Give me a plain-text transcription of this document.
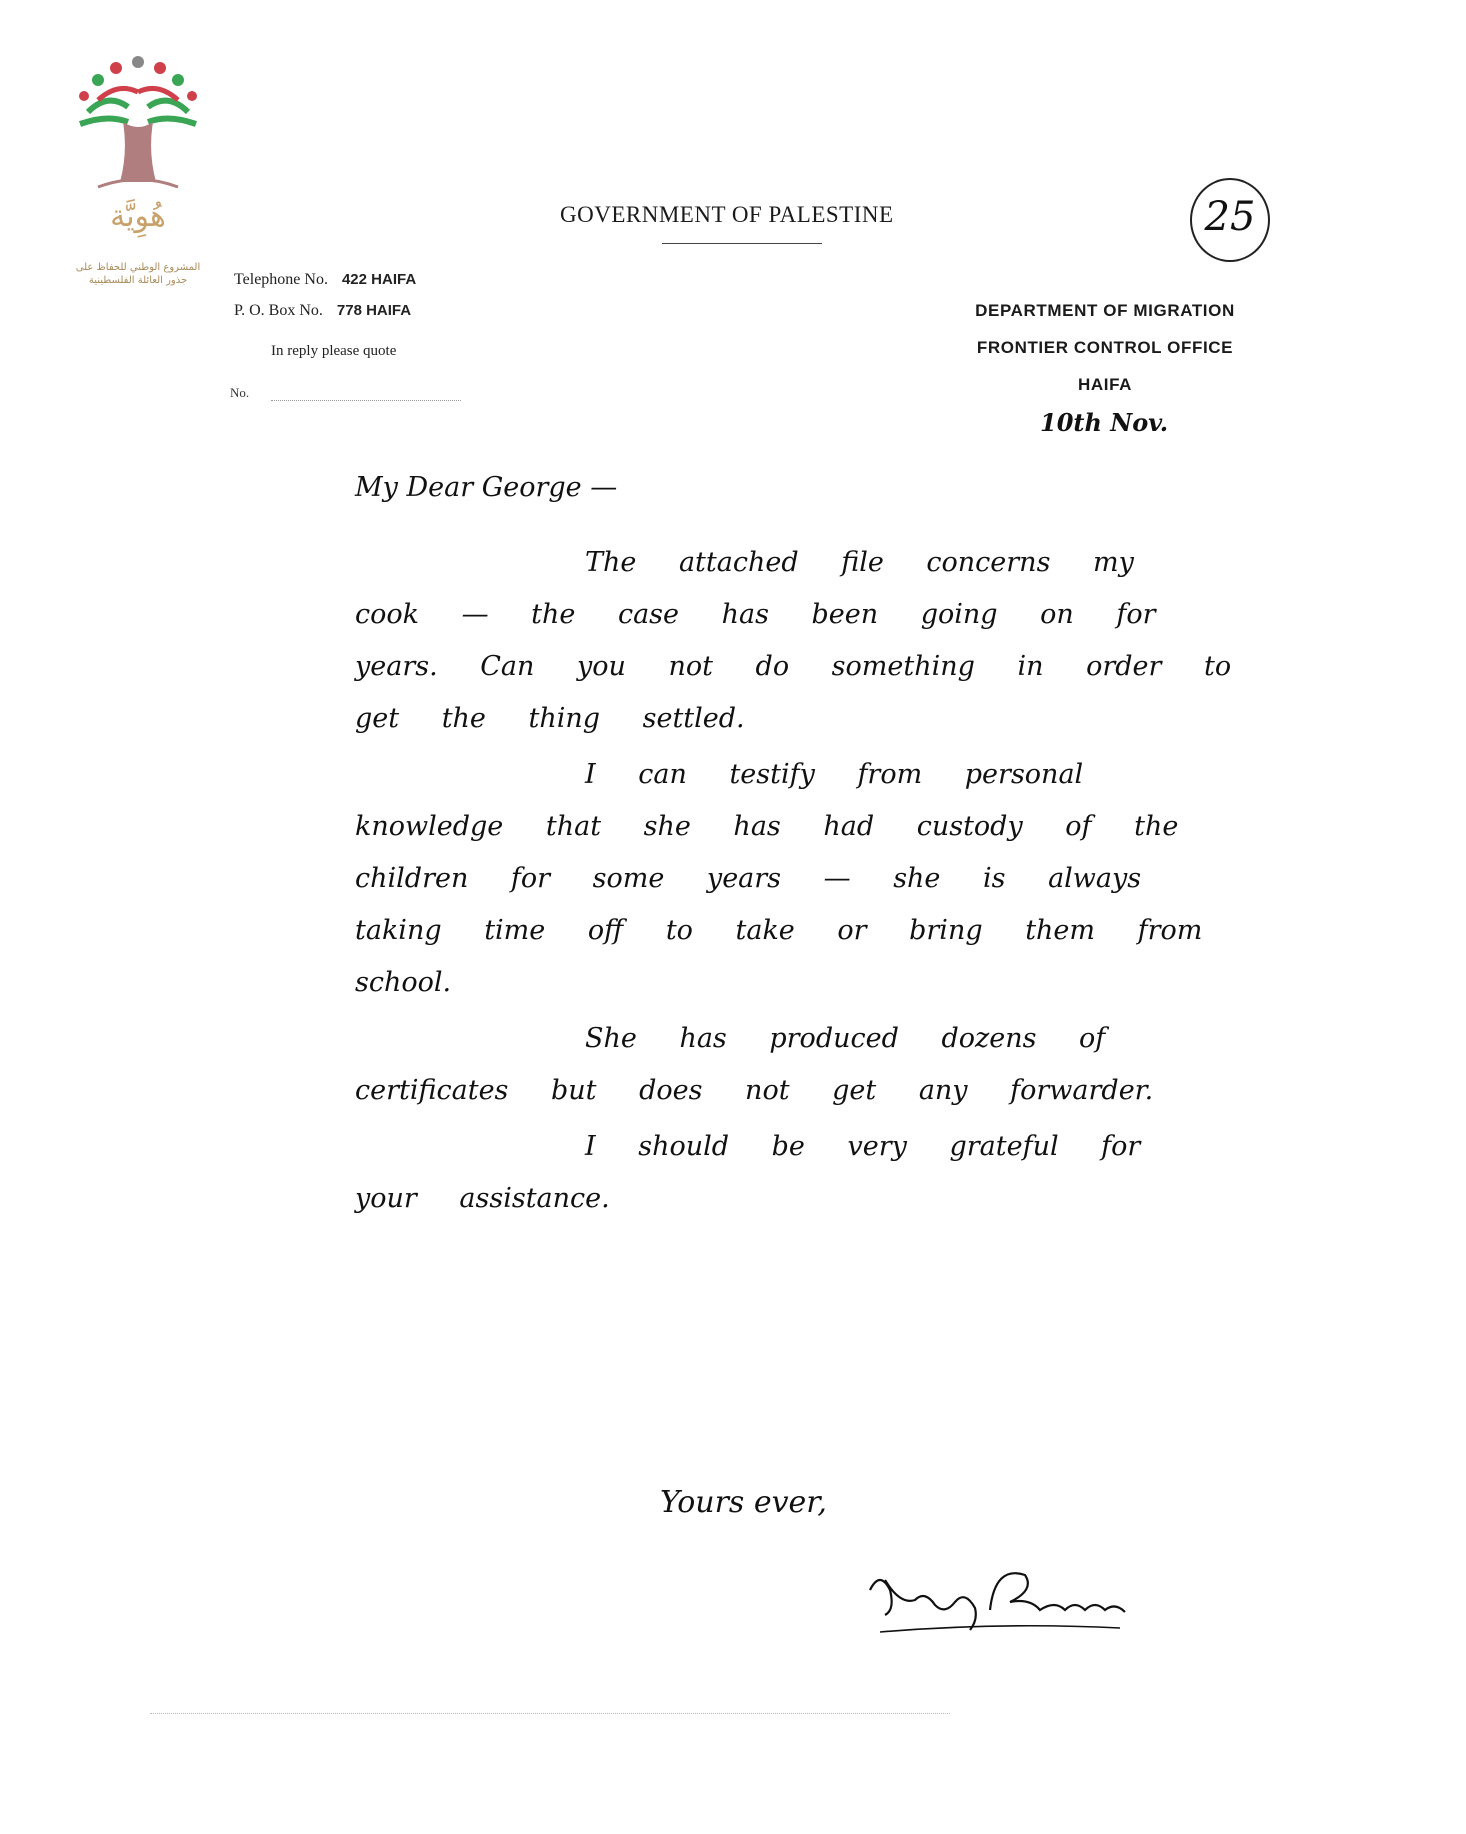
هُوِيَّة
المشروع الوطني للحفاظ على
جذور العائلة الفلسطينية
GOVERNMENT OF PALESTINE	25
Telephone No. 422 HAIFA
P. O. Box No. 778 HAIFA
In reply please quote
No.
DEPARTMENT OF MIGRATION
FRONTIER CONTROL OFFICE
HAIFA
10th Nov.
My Dear George —

The attached file concerns my cook — the case has been going on for years. Can you not do something in order to get the thing settled.

I can testify from personal knowledge that she has had custody of the children for some years — she is always taking time off to take or bring them from school.

She has produced dozens of certificates but does not get any forwarder.

I should be very grateful for your assistance.

Yours ever,
